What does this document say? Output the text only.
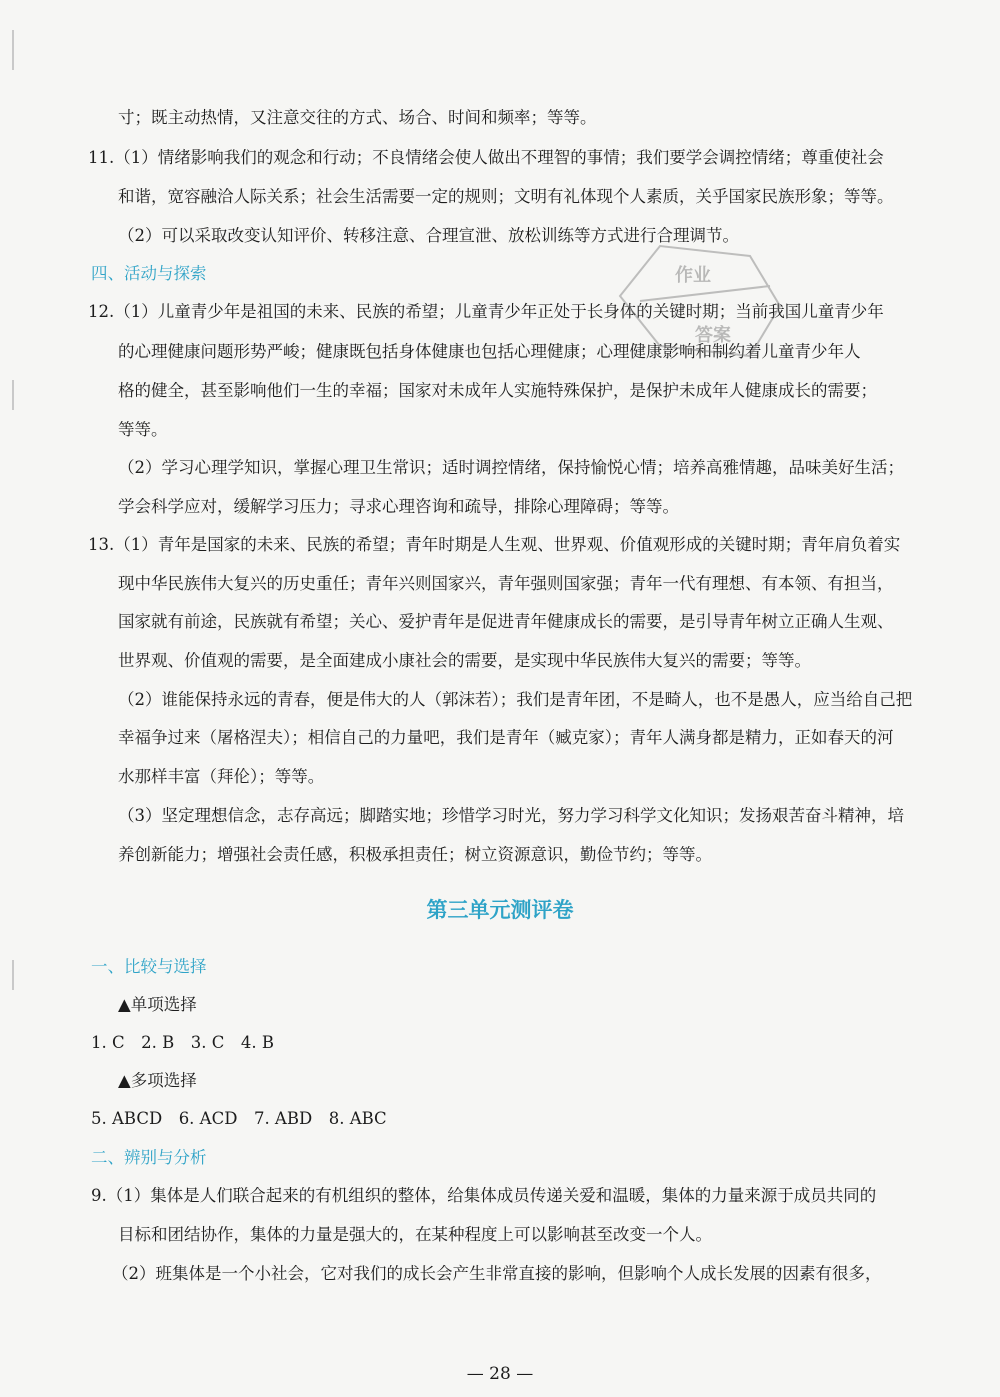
寸；既主动热情，又注意交往的方式、场合、时间和频率；等等。
11.（1）情绪影响我们的观念和行动；不良情绪会使人做出不理智的事情；我们要学会调控情绪；尊重使社会
和谐，宽容融洽人际关系；社会生活需要一定的规则；文明有礼体现个人素质，关乎国家民族形象；等等。
（2）可以采取改变认知评价、转移注意、合理宣泄、放松训练等方式进行合理调节。
四、活动与探索
12.（1）儿童青少年是祖国的未来、民族的希望；儿童青少年正处于长身体的关键时期；当前我国儿童青少年
的心理健康问题形势严峻；健康既包括身体健康也包括心理健康；心理健康影响和制约着儿童青少年人
格的健全，甚至影响他们一生的幸福；国家对未成年人实施特殊保护，是保护未成年人健康成长的需要；
等等。
（2）学习心理学知识，掌握心理卫生常识；适时调控情绪，保持愉悦心情；培养高雅情趣，品味美好生活；
学会科学应对，缓解学习压力；寻求心理咨询和疏导，排除心理障碍；等等。
13.（1）青年是国家的未来、民族的希望；青年时期是人生观、世界观、价值观形成的关键时期；青年肩负着实
现中华民族伟大复兴的历史重任；青年兴则国家兴，青年强则国家强；青年一代有理想、有本领、有担当，
国家就有前途，民族就有希望；关心、爱护青年是促进青年健康成长的需要，是引导青年树立正确人生观、
世界观、价值观的需要，是全面建成小康社会的需要，是实现中华民族伟大复兴的需要；等等。
（2）谁能保持永远的青春，便是伟大的人（郭沫若）；我们是青年团，不是畸人，也不是愚人，应当给自己把
幸福争过来（屠格涅夫）；相信自己的力量吧，我们是青年（臧克家）；青年人满身都是精力，正如春天的河
水那样丰富（拜伦）；等等。
（3）坚定理想信念，志存高远；脚踏实地；珍惜学习时光，努力学习科学文化知识；发扬艰苦奋斗精神，培
养创新能力；增强社会责任感，积极承担责任；树立资源意识，勤俭节约；等等。
第三单元测评卷
一、比较与选择
▲单项选择
1. C　2. B　3. C　4. B
▲多项选择
5. ABCD　6. ACD　7. ABD　8. ABC
二、辨别与分析
9.（1）集体是人们联合起来的有机组织的整体，给集体成员传递关爱和温暖，集体的力量来源于成员共同的
目标和团结协作，集体的力量是强大的，在某种程度上可以影响甚至改变一个人。
（2）班集体是一个小社会，它对我们的成长会产生非常直接的影响，但影响个人成长发展的因素有很多，
— 28 —
作业
答案
